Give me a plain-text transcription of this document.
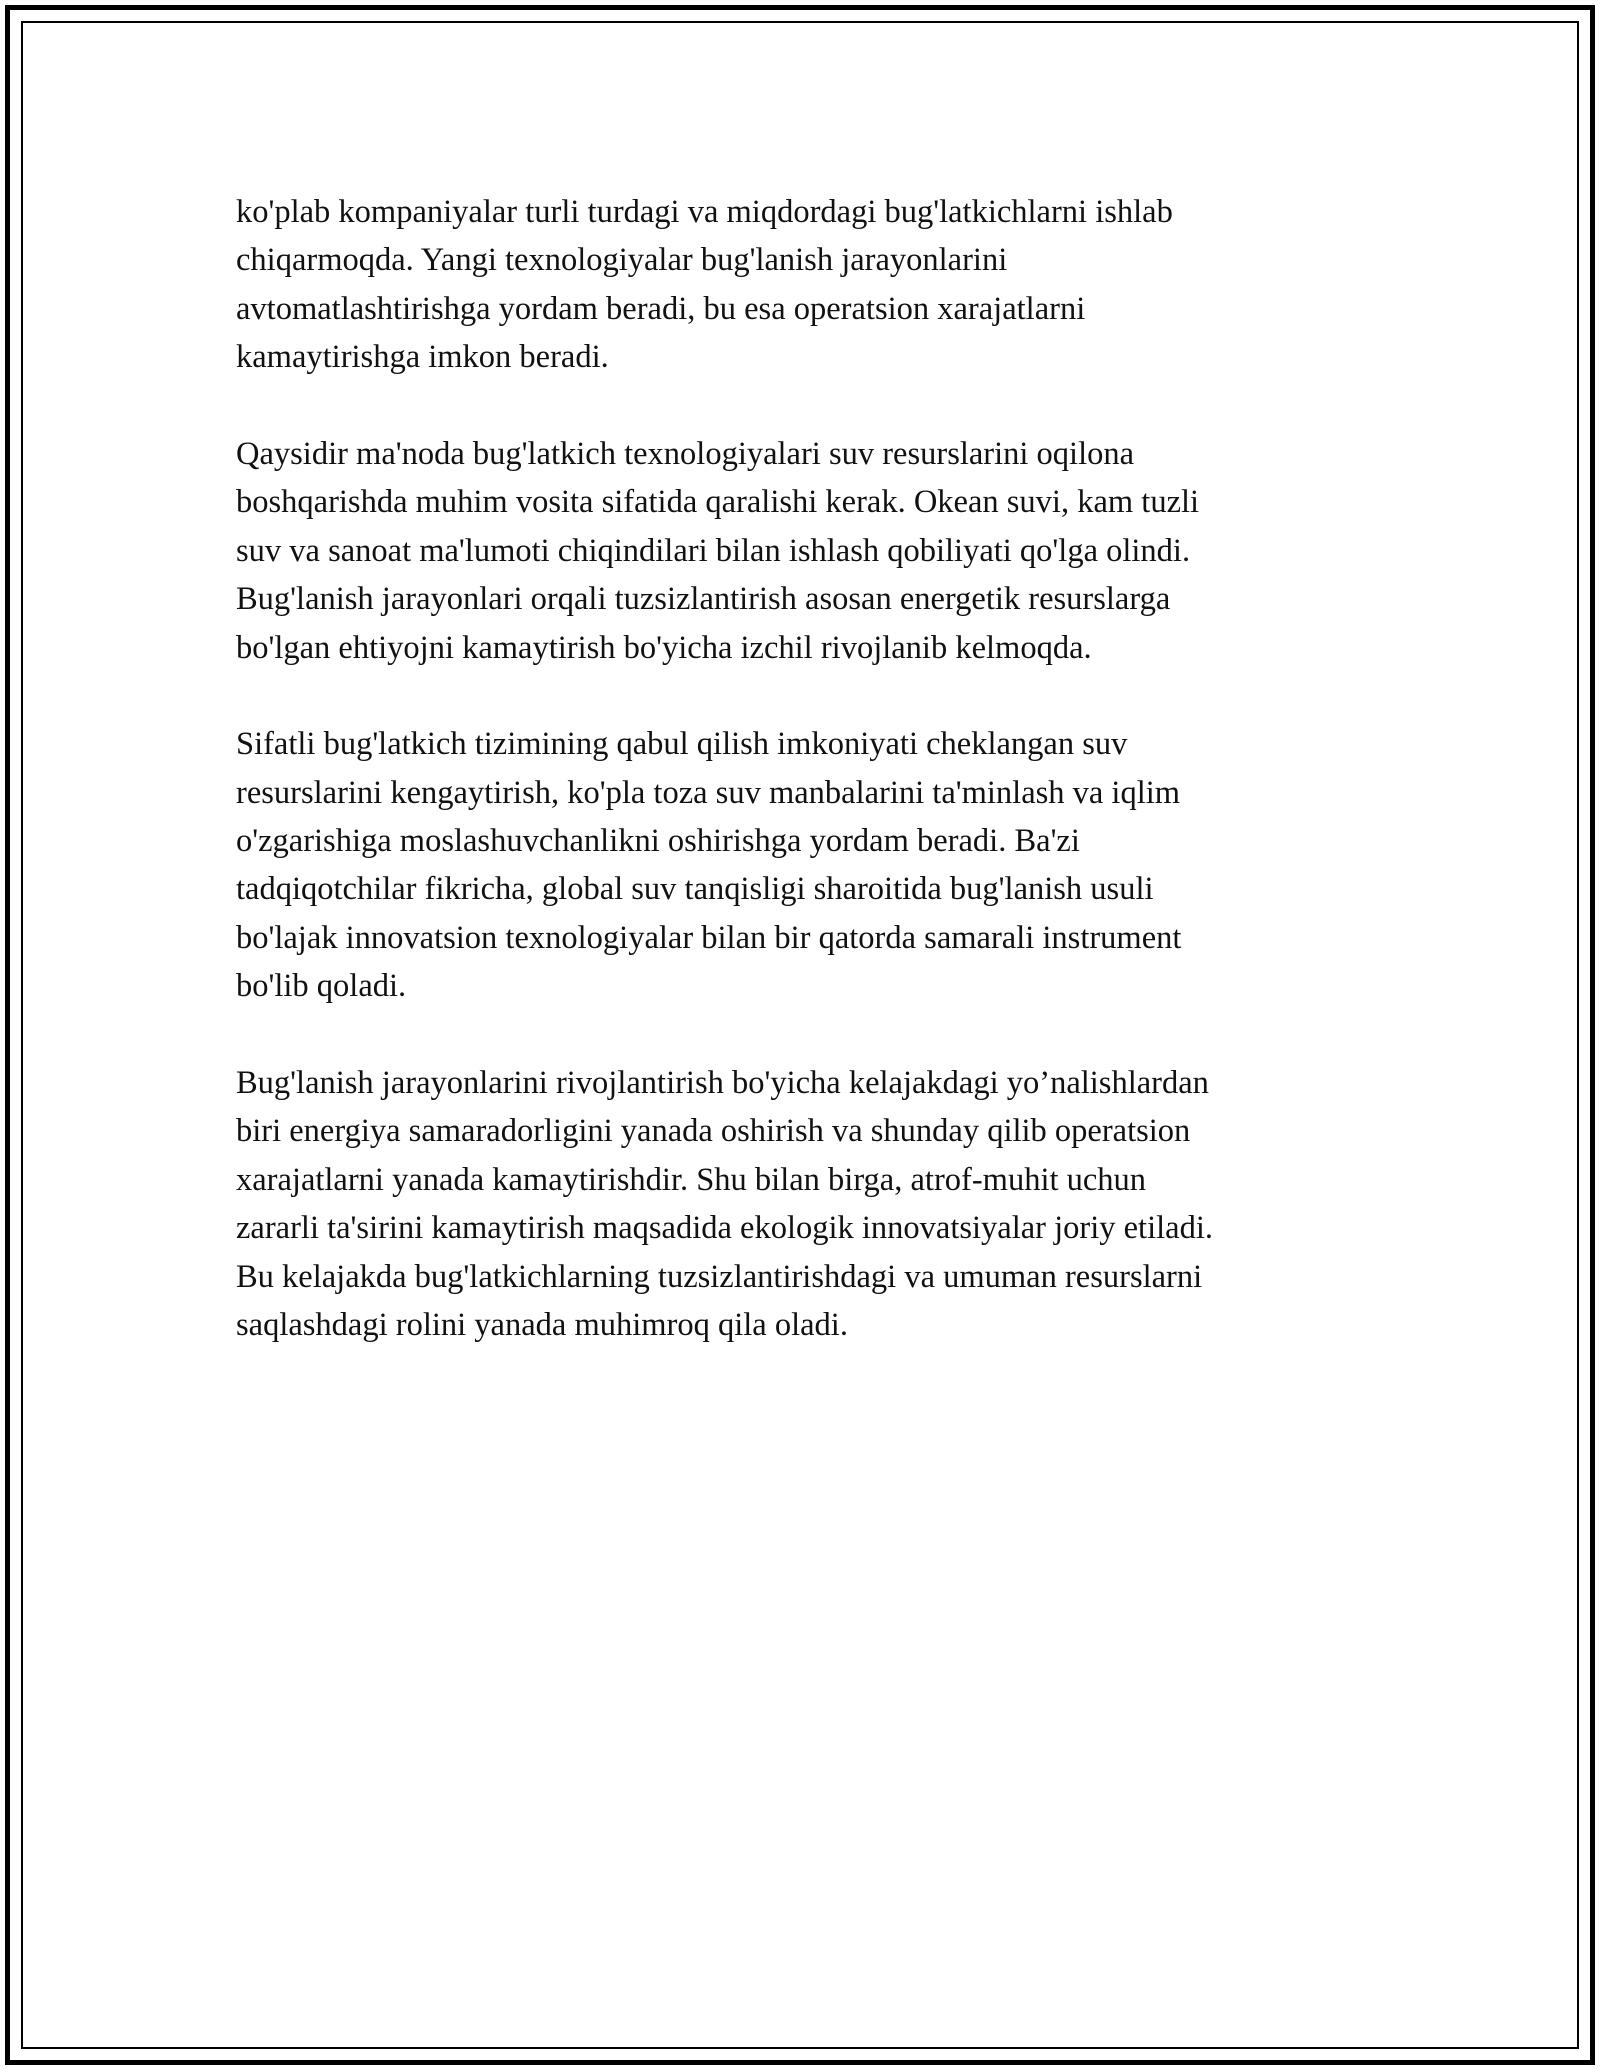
ko'plab kompaniyalar turli turdagi va miqdordagi bug'latkichlarni ishlab
chiqarmoqda. Yangi texnologiyalar bug'lanish jarayonlarini
avtomatlashtirishga yordam beradi, bu esa operatsion xarajatlarni
kamaytirishga imkon beradi.
Qaysidir ma'noda bug'latkich texnologiyalari suv resurslarini oqilona
boshqarishda muhim vosita sifatida qaralishi kerak. Okean suvi, kam tuzli
suv va sanoat ma'lumoti chiqindilari bilan ishlash qobiliyati qo'lga olindi.
Bug'lanish jarayonlari orqali tuzsizlantirish asosan energetik resurslarga
bo'lgan ehtiyojni kamaytirish bo'yicha izchil rivojlanib kelmoqda.
Sifatli bug'latkich tizimining qabul qilish imkoniyati cheklangan suv
resurslarini kengaytirish, ko'pla toza suv manbalarini ta'minlash va iqlim
o'zgarishiga moslashuvchanlikni oshirishga yordam beradi. Ba'zi
tadqiqotchilar fikricha, global suv tanqisligi sharoitida bug'lanish usuli
bo'lajak innovatsion texnologiyalar bilan bir qatorda samarali instrument
bo'lib qoladi.
Bug'lanish jarayonlarini rivojlantirish bo'yicha kelajakdagi yo’nalishlardan
biri energiya samaradorligini yanada oshirish va shunday qilib operatsion
xarajatlarni yanada kamaytirishdir. Shu bilan birga, atrof-muhit uchun
zararli ta'sirini kamaytirish maqsadida ekologik innovatsiyalar joriy etiladi.
Bu kelajakda bug'latkichlarning tuzsizlantirishdagi va umuman resurslarni
saqlashdagi rolini yanada muhimroq qila oladi.
